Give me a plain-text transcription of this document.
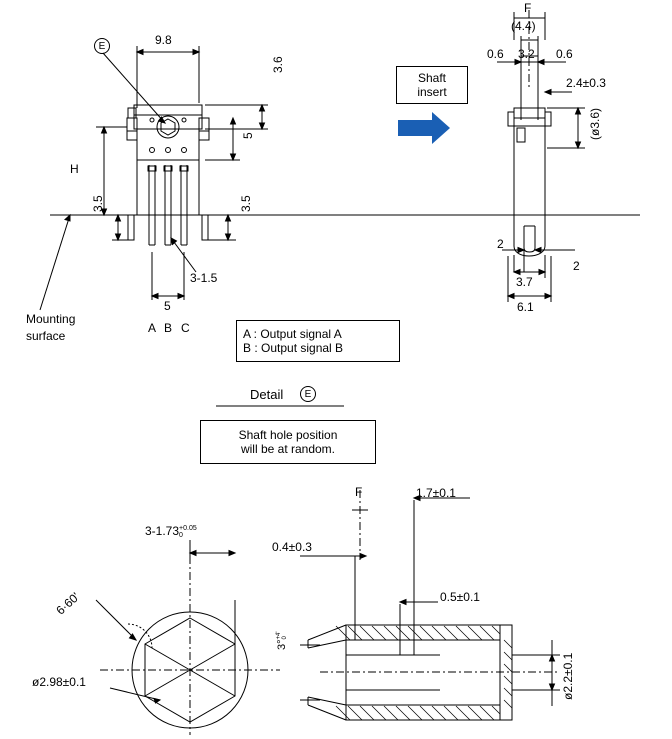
E	9.8
3.6
5
H
3.5	3.5
3-1.5
5
A B C
Mounting
surface
Shaft
insert
A : Output signal A
B : Output signal B
F
(4.4)
0.6 3.2 0.6
2.4±0.3
(ø3.6)
2
2
3.7
6.1
Detail E
Shaft hole position
will be at random.
3-1.73 +0.05
0
6·60ʹ
ø2.98±0.1
F	1.7±0.1
0.4±0.3
0.5±0.1
3°
+4ʹ 0
ø2.2±0.1
